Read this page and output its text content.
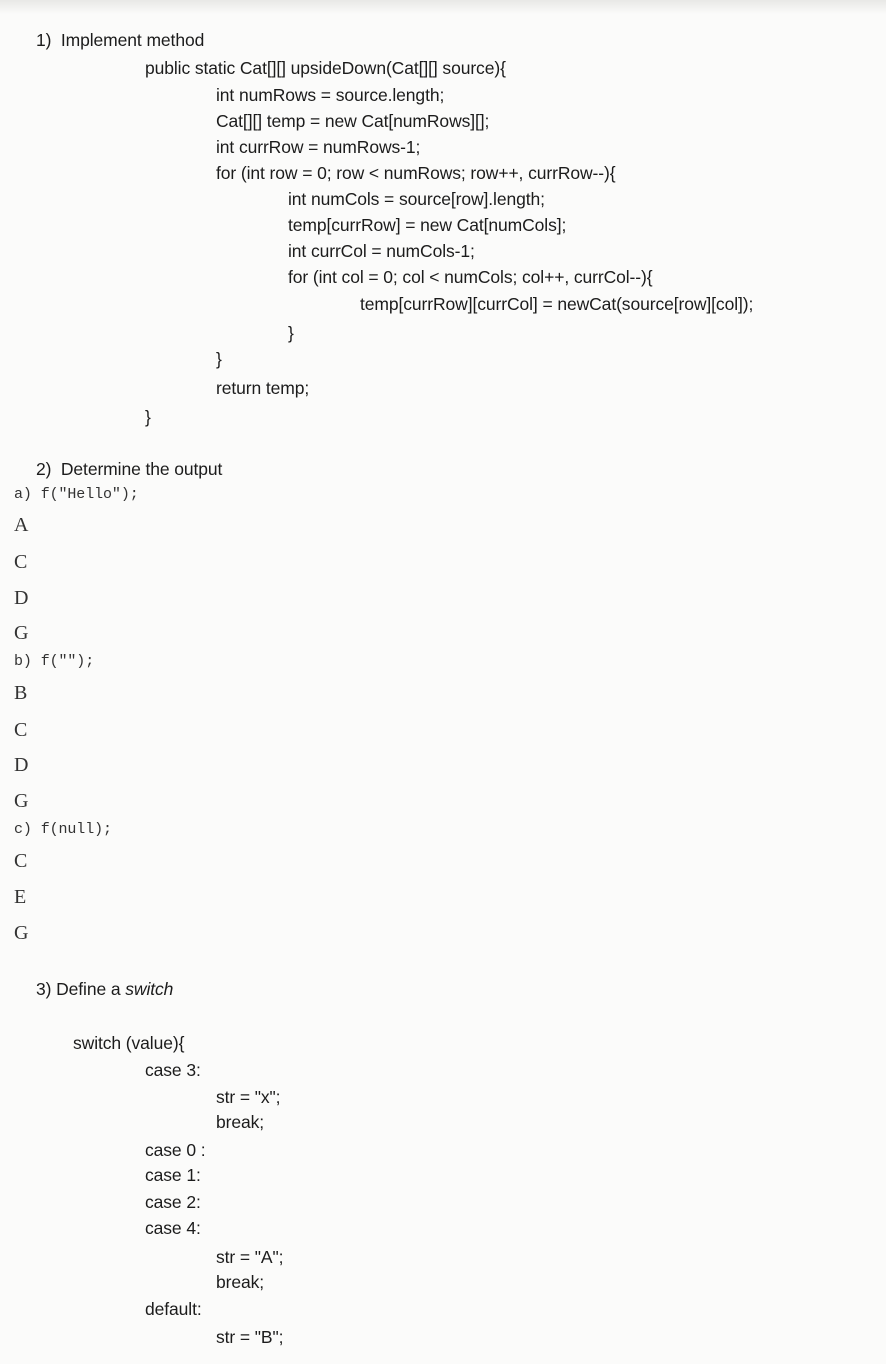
1)  Implement method
public static Cat[][] upsideDown(Cat[][] source){
int numRows = source.length;
Cat[][] temp = new Cat[numRows][];
int currRow = numRows-1;
for (int row = 0; row < numRows; row++, currRow--){
int numCols = source[row].length;
temp[currRow] = new Cat[numCols];
int currCol = numCols-1;
for (int col = 0; col < numCols; col++, currCol--){
temp[currRow][currCol] = newCat(source[row][col]);
}
}
return temp;
}
2)  Determine the output
a) f("Hello");
A
C
D
G
b) f("");
B
C
D
G
c) f(null);
C
E
G
3) Define a switch
switch (value){
case 3:
str = "x";
break;
case 0 :
case 1:
case 2:
case 4:
str = "A";
break;
default:
str = "B";
